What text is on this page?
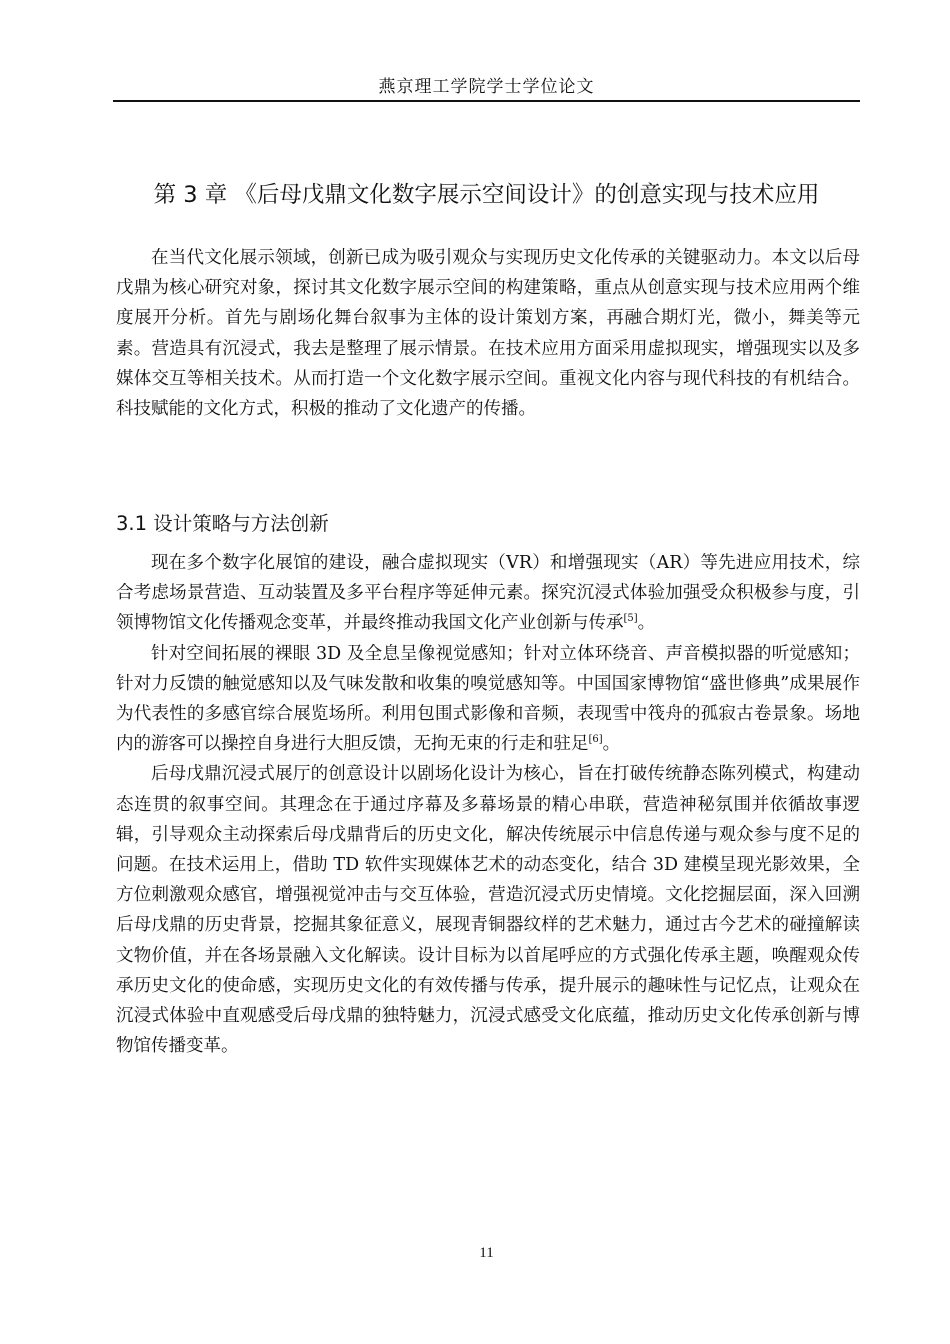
燕京理工学院学士学位论文
第 3 章 《后母戊鼎文化数字展示空间设计》的创意实现与技术应用

在当代文化展示领域，创新已成为吸引观众与实现历史文化传承的关键驱动力。本文以后母戊鼎为核心研究对象，探讨其文化数字展示空间的构建策略，重点从创意实现与技术应用两个维度展开分析。首先与剧场化舞台叙事为主体的设计策划方案，再融合期灯光，微小，舞美等元素。营造具有沉浸式，我去是整理了展示情景。在技术应用方面采用虚拟现实，增强现实以及多媒体交互等相关技术。从而打造一个文化数字展示空间。重视文化内容与现代科技的有机结合。科技赋能的文化方式，积极的推动了文化遗产的传播。

3.1 设计策略与方法创新

现在多个数字化展馆的建设，融合虚拟现实（VR）和增强现实（AR）等先进应用技术，综合考虑场景营造、互动装置及多平台程序等延伸元素。探究沉浸式体验加强受众积极参与度，引领博物馆文化传播观念变革，并最终推动我国文化产业创新与传承[5]。

针对空间拓展的裸眼 3D 及全息呈像视觉感知；针对立体环绕音、声音模拟器的听觉感知；针对力反馈的触觉感知以及气味发散和收集的嗅觉感知等。中国国家博物馆“盛世修典”成果展作为代表性的多感官综合展览场所。利用包围式影像和音频，表现雪中筏舟的孤寂古卷景象。场地内的游客可以操控自身进行大胆反馈，无拘无束的行走和驻足[6]。

后母戊鼎沉浸式展厅的创意设计以剧场化设计为核心，旨在打破传统静态陈列模式，构建动态连贯的叙事空间。其理念在于通过序幕及多幕场景的精心串联，营造神秘氛围并依循故事逻辑，引导观众主动探索后母戊鼎背后的历史文化，解决传统展示中信息传递与观众参与度不足的问题。在技术运用上，借助 TD 软件实现媒体艺术的动态变化，结合 3D 建模呈现光影效果，全方位刺激观众感官，增强视觉冲击与交互体验，营造沉浸式历史情境。文化挖掘层面，深入回溯后母戊鼎的历史背景，挖掘其象征意义，展现青铜器纹样的艺术魅力，通过古今艺术的碰撞解读文物价值，并在各场景融入文化解读。设计目标为以首尾呼应的方式强化传承主题，唤醒观众传承历史文化的使命感，实现历史文化的有效传播与传承，提升展示的趣味性与记忆点，让观众在沉浸式体验中直观感受后母戊鼎的独特魅力，沉浸式感受文化底蕴，推动历史文化传承创新与博物馆传播变革。

11
